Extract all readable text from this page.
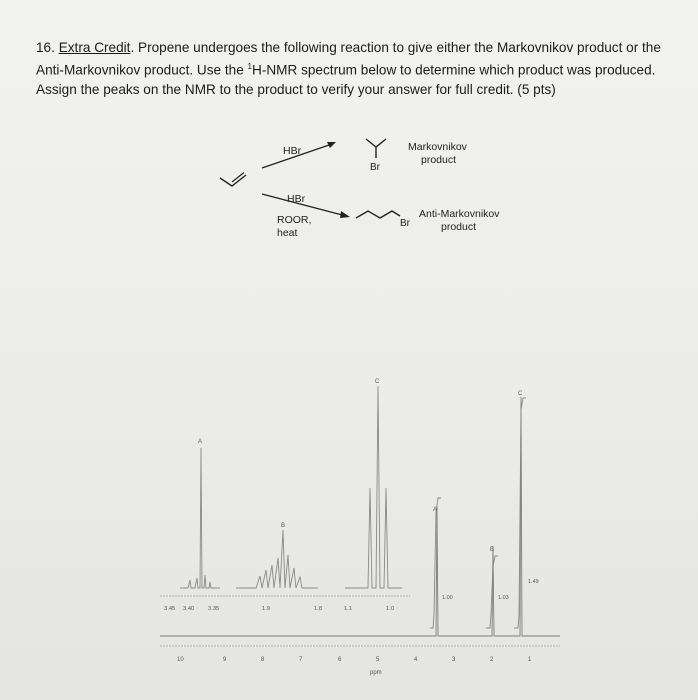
16. Extra Credit. Propene undergoes the following reaction to give either the Markovnikov product or the Anti-Markovnikov product. Use the $^1$H-NMR spectrum below to determine which product was produced. Assign the peaks on the NMR to the product to verify your answer for full credit. (5 pts)
HBr
HBr
ROOR,
heat
Br
Markovnikov
product
Br
Anti-Markovnikov
product
A
B
C
3.45 3.40 3.35	1.9	1.8	1.1	1.0
A
B
C
1.00	1.03
1.49
10	9	8	7	6	5	4	3	2	1
ppm
